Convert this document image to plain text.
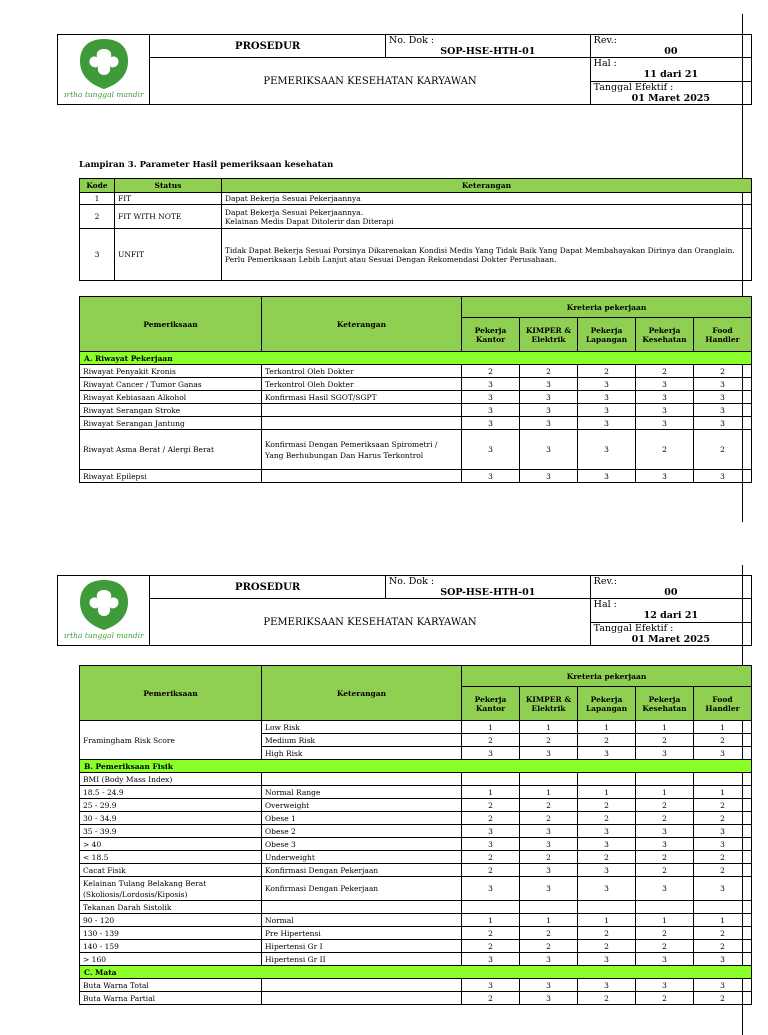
artha tunggal mandiri	PROSEDUR	No. Dok :

SOP-HSE-HTH-01	Rev.:

00

	PEMERIKSAAN KESEHATAN KARYAWAN		Hal :

11 dari 21

			Tanggal Efektif :

01 Maret 2025

Lampiran 3. Parameter Hasil pemeriksaan kesehatan
Kode	Status	Keterangan
1	FIT	Dapat Bekerja Sesuai Pekerjaannya
2	FIT WITH NOTE	Dapat Bekerja Sesuai Pekerjaannya.
Kelainan Medis Dapat Ditolerir dan Diterapi
3	UNFIT	Tidak Dapat Bekerja Sesuai Porsinya Dikarenakan Kondisi Medis Yang Tidak Baik Yang Dapat Membahayakan Dirinya dan Oranglain.
Perlu Pemeriksaan Lebih Lanjut atau Sesuai Dengan Rekomendasi Dokter Perusahaan.
Pemeriksaan	Keterangan	Kreteria pekerjaan				
		Pekerja Kantor	KIMPER & Elektrik	Pekerja Lapangan	Pekerja Kesehatan	Food Handler
A. Riwayat Pekerjaan						
Riwayat Penyakit Kronis	Terkontrol Oleh Dokter	2	2	2	2	2
Riwayat Cancer / Tumor Ganas	Terkontrol Oleh Dokter	3	3	3	3	3
Riwayat Kebiasaan Alkohol	Konfirmasi Hasil SGOT/SGPT	3	3	3	3	3
Riwayat Serangan Stroke		3	3	3	3	3
Riwayat Serangan Jantung		3	3	3	3	3
Riwayat Asma Berat / Alergi Berat	Konfirmasi Dengan Pemeriksaan Spirometri / Yang Berhubungan Dan Harus Terkontrol	3	3	3	2	2
Riwayat Epilepsi		3	3	3	3	3
artha tunggal mandiri	PROSEDUR	No. Dok :

SOP-HSE-HTH-01	Rev.:

00

	PEMERIKSAAN KESEHATAN KARYAWAN		Hal :

12 dari 21

			Tanggal Efektif :

01 Maret 2025

Pemeriksaan	Keterangan	Kreteria pekerjaan				
		Pekerja Kantor	KIMPER & Elektrik	Pekerja Lapangan	Pekerja Kesehatan	Food Handler
Framingham Risk Score	Low Risk	1	1	1	1	1
	Medium Risk	2	2	2	2	2
	High Risk	3	3	3	3	3
B. Pemeriksaan Fisik						
BMI (Body Mass Index)						
18.5 - 24.9	Normal Range	1	1	1	1	1
25 - 29.9	Overweight	2	2	2	2	2
30 - 34.9	Obese 1	2	2	2	2	2
35 - 39.9	Obese 2	3	3	3	3	3
> 40	Obese 3	3	3	3	3	3
< 18.5	Underweight	2	2	2	2	2
Cacat Fisik	Konfirmasi Dengan Pekerjaan	2	3	3	2	2
Kelainan Tulang Belakang Berat (Skoliosis/Lordosis/Kiposis)	Konfirmasi Dengan Pekerjaan	3	3	3	3	3
Tekanan Darah Sistolik						
90 - 120	Normal	1	1	1	1	1
130 - 139	Pre Hipertensi	2	2	2	2	2
140 - 159	Hipertensi Gr I	2	2	2	2	2
> 160	Hipertensi Gr II	3	3	3	3	3
C. Mata						
Buta Warna Total		3	3	3	3	3
Buta Warna Partial		2	3	2	2	2
